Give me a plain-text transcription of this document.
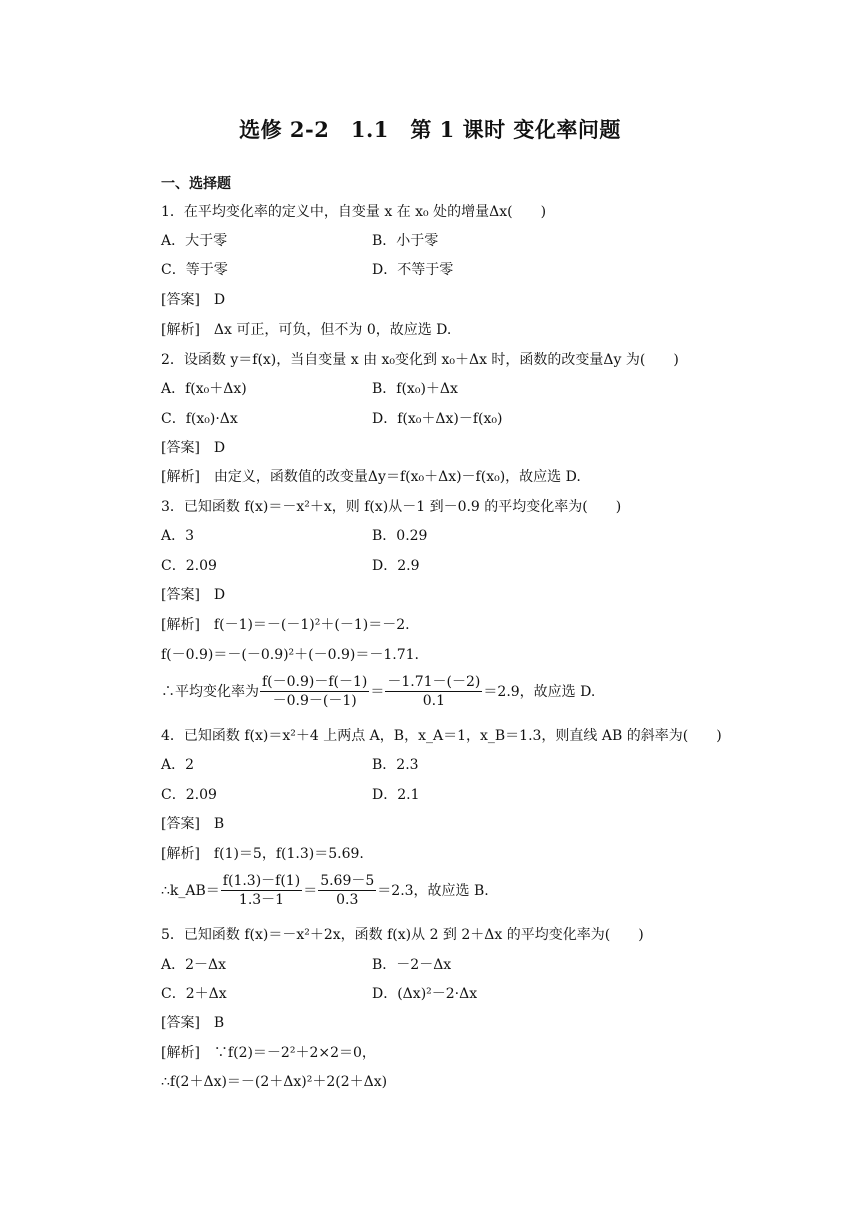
选修 2-2　1.1　第 1 课时 变化率问题
一、选择题
1．在平均变化率的定义中，自变量 x 在 x₀ 处的增量Δx(　　)
A．大于零	B．小于零
C．等于零	D．不等于零
[答案]　D
[解析]　Δx 可正，可负，但不为 0，故应选 D.
2．设函数 y＝f(x)，当自变量 x 由 x₀变化到 x₀＋Δx 时，函数的改变量Δy 为(　　)
A．f(x₀＋Δx)	B．f(x₀)＋Δx
C．f(x₀)·Δx	D．f(x₀＋Δx)－f(x₀)
[答案]　D
[解析]　由定义，函数值的改变量Δy＝f(x₀＋Δx)－f(x₀)，故应选 D.
3．已知函数 f(x)＝－x²＋x，则 f(x)从－1 到－0.9 的平均变化率为(　　)
A．3	B．0.29
C．2.09	D．2.9
[答案]　D
[解析]　f(－1)＝－(－1)²＋(－1)＝－2.
f(－0.9)＝－(－0.9)²＋(－0.9)＝－1.71.
∴平均变化率为 $\frac{f(-0.9)-f(-1)}{-0.9-(-1)} = \frac{-1.71-(-2)}{0.1} =2.9$，故应选 D.
4．已知函数 f(x)＝x²＋4 上两点 A，B，x_A＝1，x_B＝1.3，则直线 AB 的斜率为(　　)
A．2	B．2.3
C．2.09	D．2.1
[答案]　B
[解析]　f(1)＝5，f(1.3)＝5.69.
∴k_AB＝ $\frac{f(1.3)-f(1)}{1.3-1} = \frac{5.69-5}{0.3} =2.3$，故应选 B.
5．已知函数 f(x)＝－x²＋2x，函数 f(x)从 2 到 2＋Δx 的平均变化率为(　　)
A．2－Δx	B．－2－Δx
C．2＋Δx	D．(Δx)²－2·Δx
[答案]　B
[解析]　∵f(2)＝－2²＋2×2＝0，
∴f(2＋Δx)＝－(2＋Δx)²＋2(2＋Δx)
